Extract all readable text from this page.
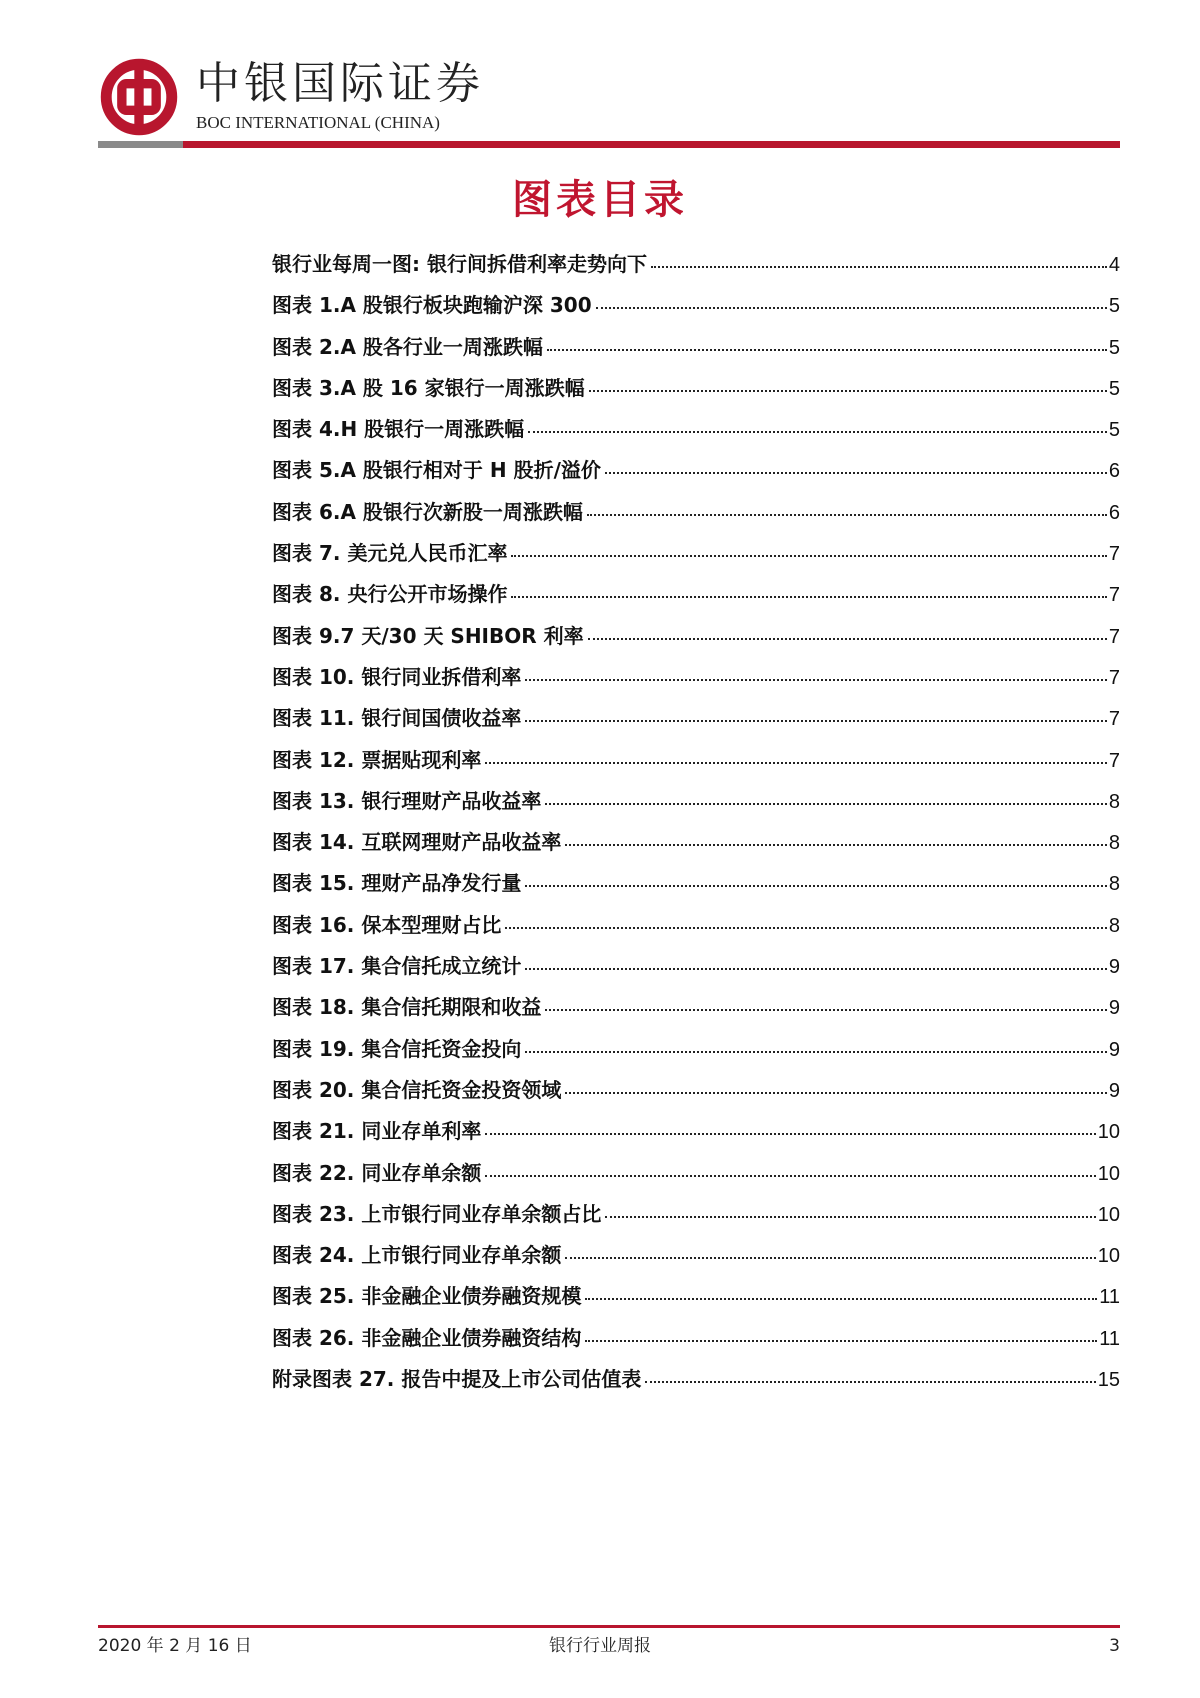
中银国际证券
BOC INTERNATIONAL (CHINA)
图表目录
银行业每周一图: 银行间拆借利率走势向下	4
图表 1.A 股银行板块跑输沪深 300	5
图表 2.A 股各行业一周涨跌幅	5
图表 3.A 股 16 家银行一周涨跌幅	5
图表 4.H 股银行一周涨跌幅	5
图表 5.A 股银行相对于 H 股折/溢价	6
图表 6.A 股银行次新股一周涨跌幅	6
图表 7. 美元兑人民币汇率	7
图表 8. 央行公开市场操作	7
图表 9.7 天/30 天 SHIBOR 利率	7
图表 10. 银行同业拆借利率	7
图表 11. 银行间国债收益率	7
图表 12. 票据贴现利率	7
图表 13. 银行理财产品收益率	8
图表 14. 互联网理财产品收益率	8
图表 15. 理财产品净发行量	8
图表 16. 保本型理财占比	8
图表 17. 集合信托成立统计	9
图表 18. 集合信托期限和收益	9
图表 19. 集合信托资金投向	9
图表 20. 集合信托资金投资领域	9
图表 21. 同业存单利率	10
图表 22. 同业存单余额	10
图表 23. 上市银行同业存单余额占比	10
图表 24. 上市银行同业存单余额	10
图表 25. 非金融企业债券融资规模	11
图表 26. 非金融企业债券融资结构	11
附录图表 27. 报告中提及上市公司估值表	15
2020 年 2 月 16 日	银行行业周报	3
